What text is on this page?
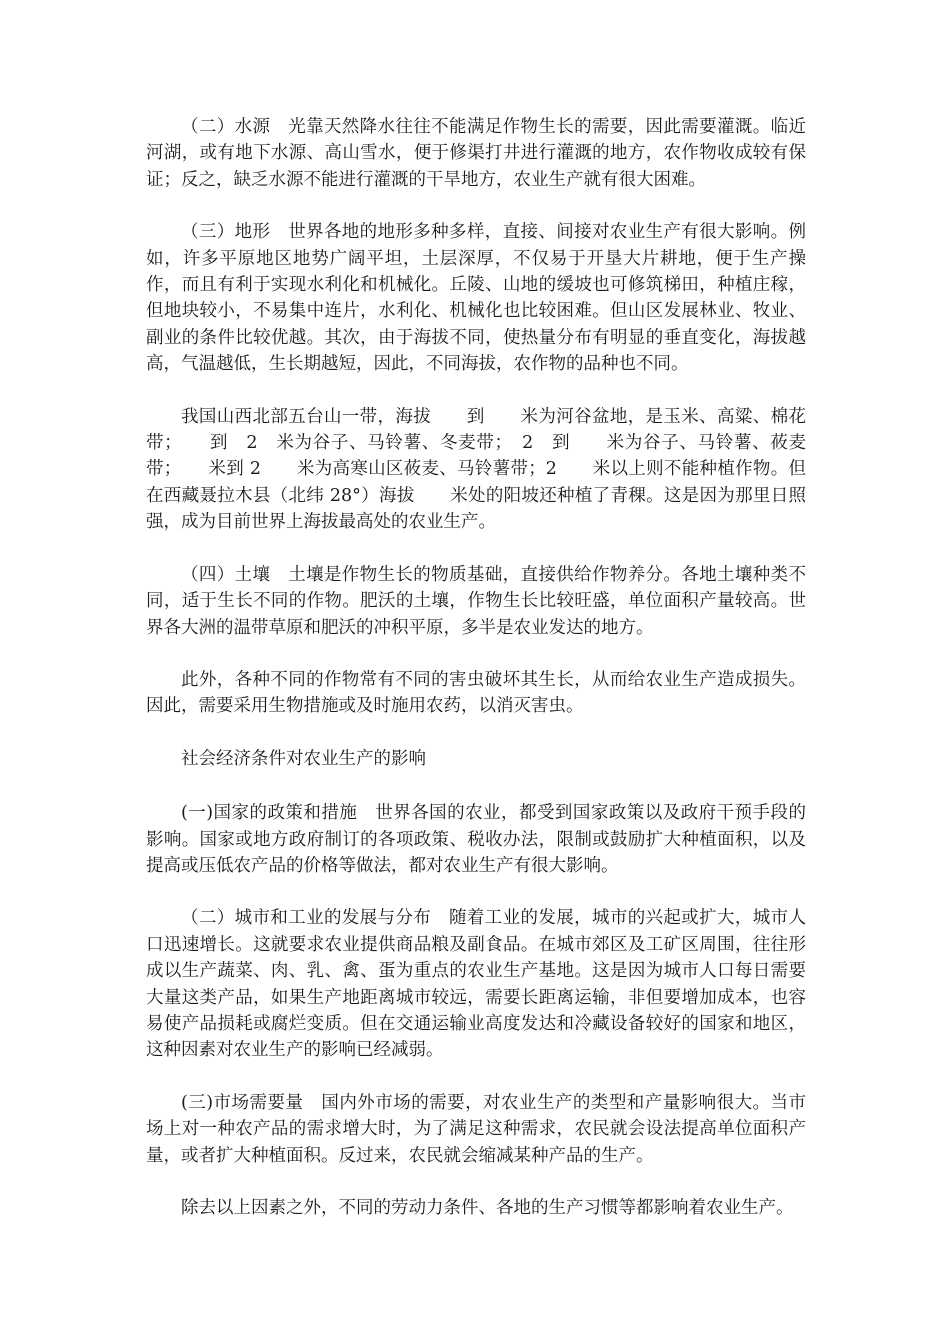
（二）水源　光靠天然降水往往不能满足作物生长的需要，因此需要灌溉。临近河湖，或有地下水源、高山雪水，便于修渠打井进行灌溉的地方，农作物收成较有保证；反之，缺乏水源不能进行灌溉的干旱地方，农业生产就有很大困难。

（三）地形　世界各地的地形多种多样，直接、间接对农业生产有很大影响。例如，许多平原地区地势广阔平坦，土层深厚，不仅易于开垦大片耕地，便于生产操作，而且有利于实现水利化和机械化。丘陵、山地的缓坡也可修筑梯田，种植庄稼，但地块较小，不易集中连片，水利化、机械化也比较困难。但山区发展林业、牧业、副业的条件比较优越。其次，由于海拔不同，使热量分布有明显的垂直变化，海拔越高，气温越低，生长期越短，因此，不同海拔，农作物的品种也不同。

我国山西北部五台山一带，海拔　　到　　米为河谷盆地，是玉米、高粱、棉花带；　　到　2　米为谷子、马铃薯、冬麦带；　2　到　　米为谷子、马铃薯、莜麦带；　　米到 2　　米为高寒山区莜麦、马铃薯带；2　　米以上则不能种植作物。但在西藏聂拉木县（北纬 28°）海拔　　米处的阳坡还种植了青稞。这是因为那里日照强，成为目前世界上海拔最高处的农业生产。

（四）土壤　土壤是作物生长的物质基础，直接供给作物养分。各地土壤种类不同，适于生长不同的作物。肥沃的土壤，作物生长比较旺盛，单位面积产量较高。世界各大洲的温带草原和肥沃的冲积平原，多半是农业发达的地方。

此外，各种不同的作物常有不同的害虫破坏其生长，从而给农业生产造成损失。因此，需要采用生物措施或及时施用农药，以消灭害虫。

社会经济条件对农业生产的影响

(一)国家的政策和措施　世界各国的农业，都受到国家政策以及政府干预手段的影响。国家或地方政府制订的各项政策、税收办法，限制或鼓励扩大种植面积，以及提高或压低农产品的价格等做法，都对农业生产有很大影响。

（二）城市和工业的发展与分布　随着工业的发展，城市的兴起或扩大，城市人口迅速增长。这就要求农业提供商品粮及副食品。在城市郊区及工矿区周围，往往形成以生产蔬菜、肉、乳、禽、蛋为重点的农业生产基地。这是因为城市人口每日需要大量这类产品，如果生产地距离城市较远，需要长距离运输，非但要增加成本，也容易使产品损耗或腐烂变质。但在交通运输业高度发达和冷藏设备较好的国家和地区，这种因素对农业生产的影响已经减弱。

(三)市场需要量　国内外市场的需要，对农业生产的类型和产量影响很大。当市场上对一种农产品的需求增大时，为了满足这种需求，农民就会设法提高单位面积产量，或者扩大种植面积。反过来，农民就会缩减某种产品的生产。

除去以上因素之外，不同的劳动力条件、各地的生产习惯等都影响着农业生产。
